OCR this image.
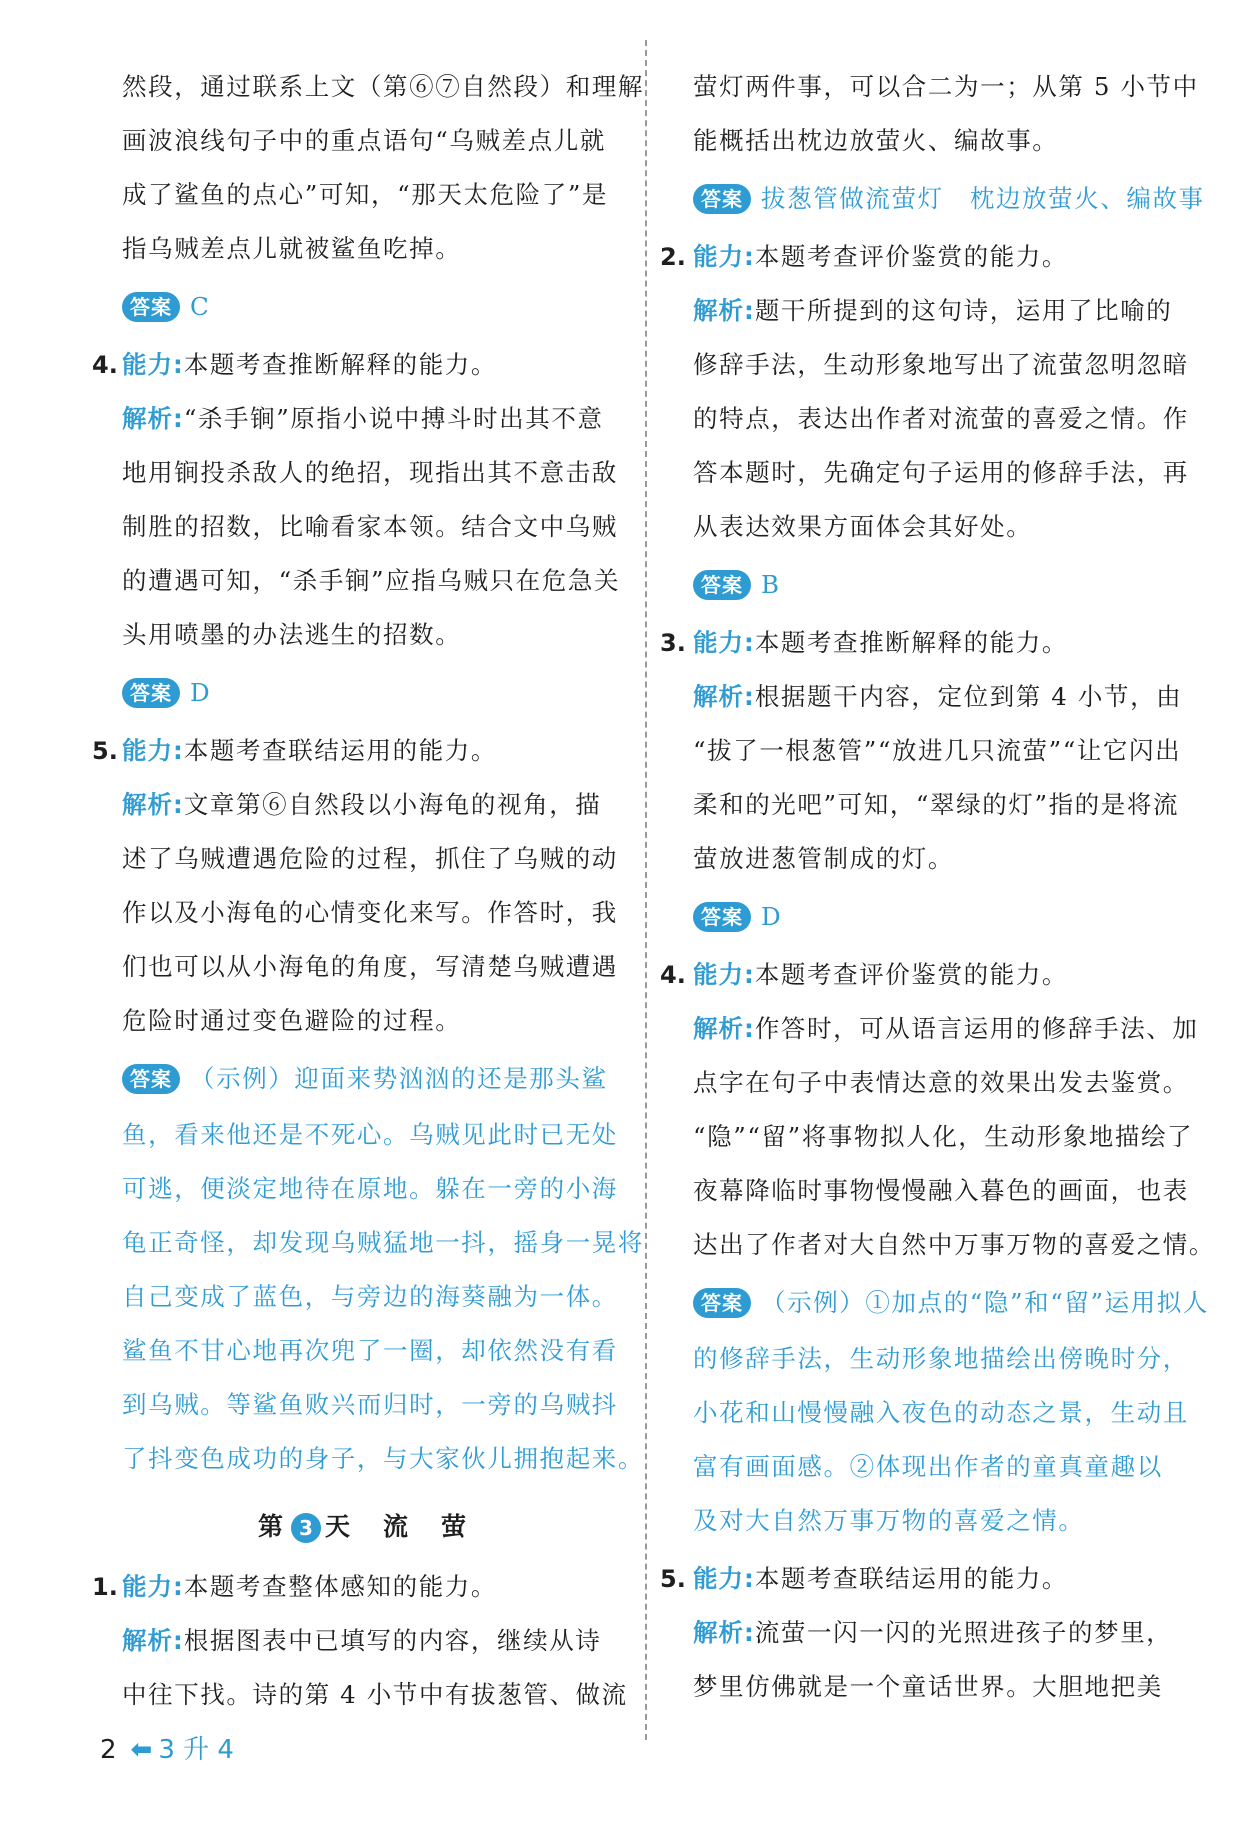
然段，通过联系上文（第⑥⑦自然段）和理解
画波浪线句子中的重点语句“乌贼差点儿就
成了鲨鱼的点心”可知，“那天太危险了”是
指乌贼差点儿就被鲨鱼吃掉。
答案 C
4. 能力:本题考查推断解释的能力。
解析:“杀手锏”原指小说中搏斗时出其不意
地用锏投杀敌人的绝招，现指出其不意击敌
制胜的招数，比喻看家本领。结合文中乌贼
的遭遇可知，“杀手锏”应指乌贼只在危急关
头用喷墨的办法逃生的招数。
答案 D
5. 能力:本题考查联结运用的能力。
解析:文章第⑥自然段以小海龟的视角，描
述了乌贼遭遇危险的过程，抓住了乌贼的动
作以及小海龟的心情变化来写。作答时，我
们也可以从小海龟的角度，写清楚乌贼遭遇
危险时通过变色避险的过程。
答案 （示例）迎面来势汹汹的还是那头鲨
鱼，看来他还是不死心。乌贼见此时已无处
可逃，便淡定地待在原地。躲在一旁的小海
龟正奇怪，却发现乌贼猛地一抖，摇身一晃将
自己变成了蓝色，与旁边的海葵融为一体。
鲨鱼不甘心地再次兜了一圈，却依然没有看
到乌贼。等鲨鱼败兴而归时，一旁的乌贼抖
了抖变色成功的身子，与大家伙儿拥抱起来。
第 3 天　 流　萤
1. 能力:本题考查整体感知的能力。
解析:根据图表中已填写的内容，继续从诗
中往下找。诗的第 4 小节中有拔葱管、做流
萤灯两件事，可以合二为一；从第 5 小节中
能概括出枕边放萤火、编故事。
答案 拔葱管做流萤灯　枕边放萤火、编故事
2. 能力:本题考查评价鉴赏的能力。
解析:题干所提到的这句诗，运用了比喻的
修辞手法，生动形象地写出了流萤忽明忽暗
的特点，表达出作者对流萤的喜爱之情。作
答本题时，先确定句子运用的修辞手法，再
从表达效果方面体会其好处。
答案 B
3. 能力:本题考查推断解释的能力。
解析:根据题干内容，定位到第 4 小节，由
“拔了一根葱管”“放进几只流萤”“让它闪出
柔和的光吧”可知，“翠绿的灯”指的是将流
萤放进葱管制成的灯。
答案 D
4. 能力:本题考查评价鉴赏的能力。
解析:作答时，可从语言运用的修辞手法、加
点字在句子中表情达意的效果出发去鉴赏。
“隐”“留”将事物拟人化，生动形象地描绘了
夜幕降临时事物慢慢融入暮色的画面，也表
达出了作者对大自然中万事万物的喜爱之情。
答案 （示例）①加点的“隐”和“留”运用拟人
的修辞手法，生动形象地描绘出傍晚时分，
小花和山慢慢融入夜色的动态之景，生动且
富有画面感。②体现出作者的童真童趣以
及对大自然万事万物的喜爱之情。
5. 能力:本题考查联结运用的能力。
解析:流萤一闪一闪的光照进孩子的梦里，
梦里仿佛就是一个童话世界。大胆地把美
2 ⬅ 3 升 4
